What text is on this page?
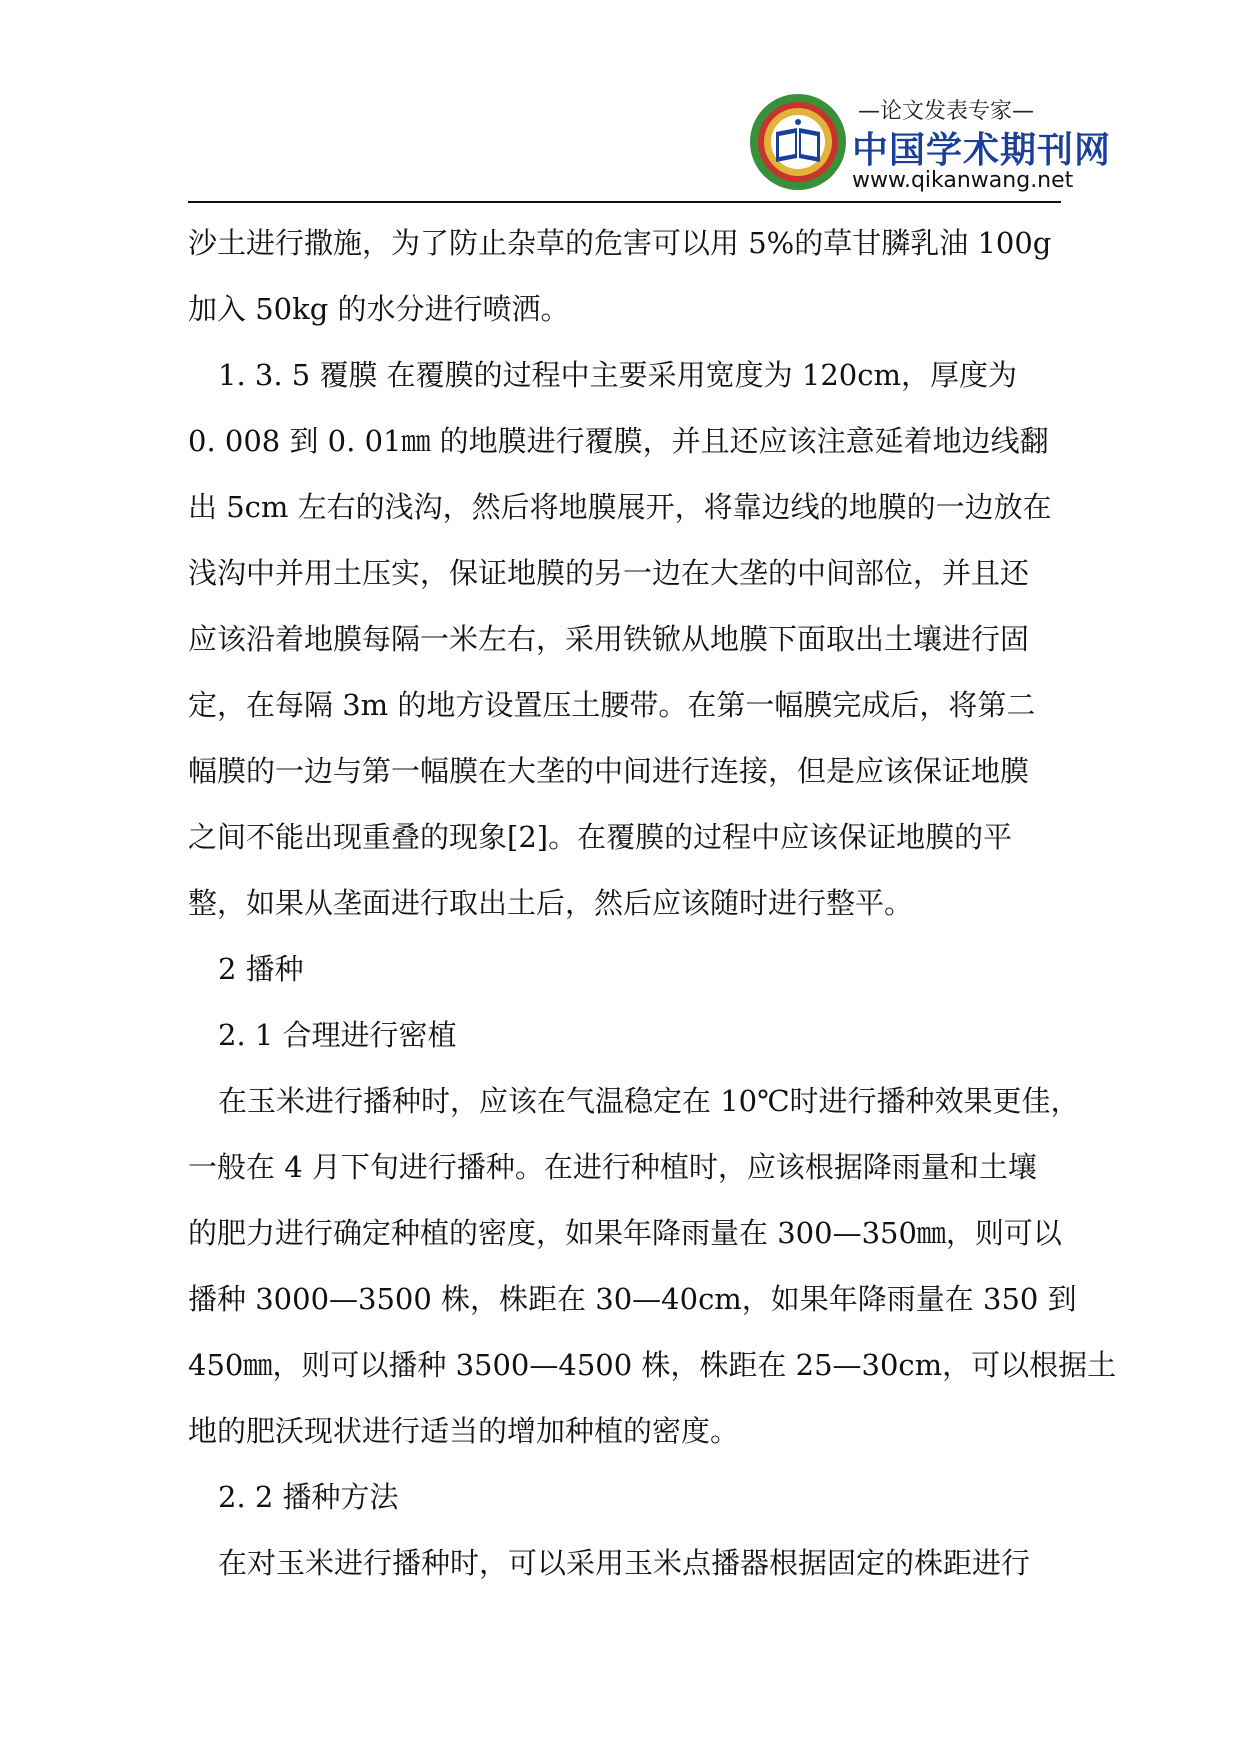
—论文发表专家—
中国学术期刊网
www.qikanwang.net
沙土进行撒施，为了防止杂草的危害可以用 5%的草甘膦乳油 100g
加入 50kg 的水分进行喷洒。
1. 3. 5 覆膜 在覆膜的过程中主要采用宽度为 120cm，厚度为
0. 008 到 0. 01㎜ 的地膜进行覆膜，并且还应该注意延着地边线翻
出 5cm 左右的浅沟，然后将地膜展开，将靠边线的地膜的一边放在
浅沟中并用土压实，保证地膜的另一边在大垄的中间部位，并且还
应该沿着地膜每隔一米左右，采用铁锨从地膜下面取出土壤进行固
定，在每隔 3m 的地方设置压土腰带。在第一幅膜完成后，将第二
幅膜的一边与第一幅膜在大垄的中间进行连接，但是应该保证地膜
之间不能出现重叠的现象[2]。在覆膜的过程中应该保证地膜的平
整，如果从垄面进行取出土后，然后应该随时进行整平。
2 播种
2. 1 合理进行密植
在玉米进行播种时，应该在气温稳定在 10℃时进行播种效果更佳，
一般在 4 月下旬进行播种。在进行种植时，应该根据降雨量和土壤
的肥力进行确定种植的密度，如果年降雨量在 300—350㎜，则可以
播种 3000—3500 株，株距在 30—40cm，如果年降雨量在 350 到
450㎜，则可以播种 3500—4500 株，株距在 25—30cm，可以根据土
地的肥沃现状进行适当的增加种植的密度。
2. 2 播种方法
在对玉米进行播种时，可以采用玉米点播器根据固定的株距进行
